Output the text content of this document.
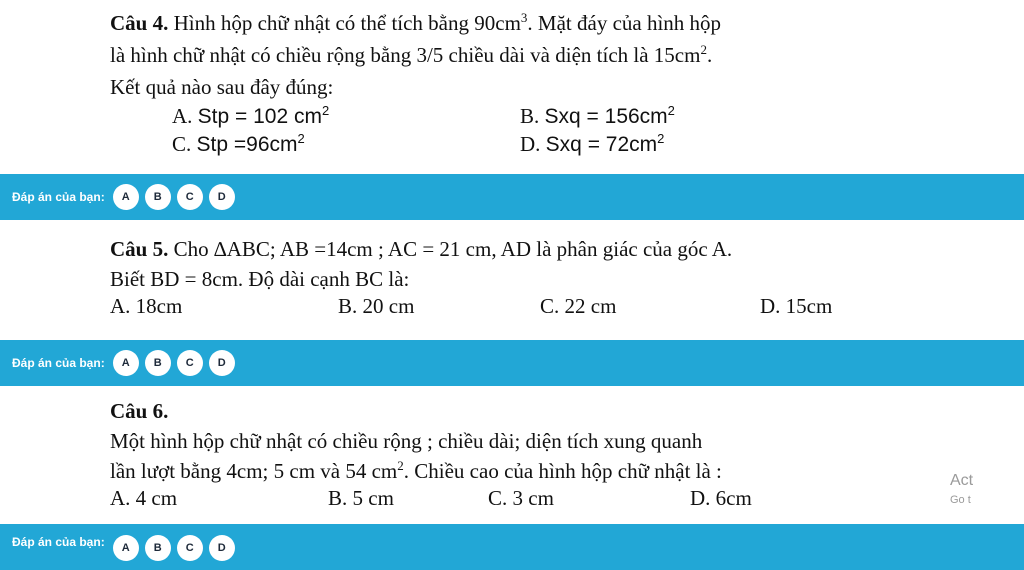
Câu 4. Hình hộp chữ nhật có thể tích bằng $90cm^3$. Mặt đáy của hình hộp
là hình chữ nhật có chiều rộng bằng 3/5 chiều dài và diện tích là $15cm^2$.
Kết quả nào sau đây đúng:
A. Stp = 102 $cm^2$	B. Sxq = $156cm^2$
C. Stp $=96cm^2$	D. Sxq = $72cm^2$
Đáp án của bạn:	A	B	C	D
Câu 5. Cho ∆ABC; AB =14cm ; AC = 21 cm, AD là phân giác của góc A.
Biết BD = 8cm. Độ dài cạnh BC là:
A. 18cm	B. 20 cm	C. 22 cm	D. 15cm
Đáp án của bạn:	A	B	C	D
Câu 6.
Một hình hộp chữ nhật có chiều rộng ; chiều dài; diện tích xung quanh
lần lượt bằng 4cm; 5 cm và 54 $cm^2$. Chiều cao của hình hộp chữ nhật là :
A. 4 cm	B. 5 cm	C. 3 cm	D. 6cm
Act
Go t
Đáp án của bạn:	A	B	C	D
